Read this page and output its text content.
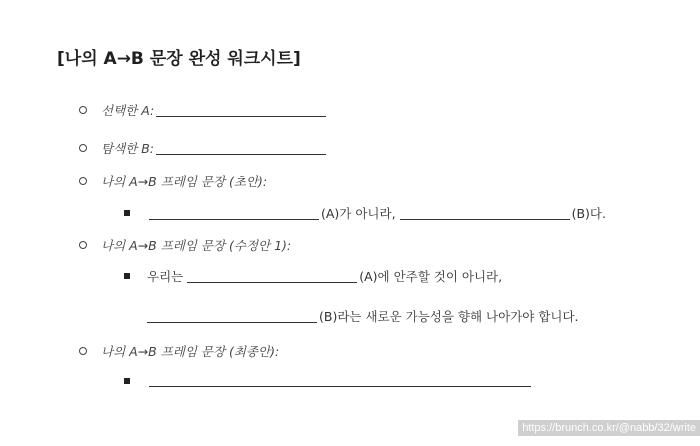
[나의 A→B 문장 완성 워크시트]
선택한 A:
탐색한 B:
나의 A→B 프레임 문장 (초안):
(A)가 아니라,	(B)다.
나의 A→B 프레임 문장 (수정안 1):
우리는	(A)에 안주할 것이 아니라,
(B)라는 새로운 가능성을 향해 나아가야 합니다.
나의 A→B 프레임 문장 (최종안):
https://brunch.co.kr/@nabb/32/write
